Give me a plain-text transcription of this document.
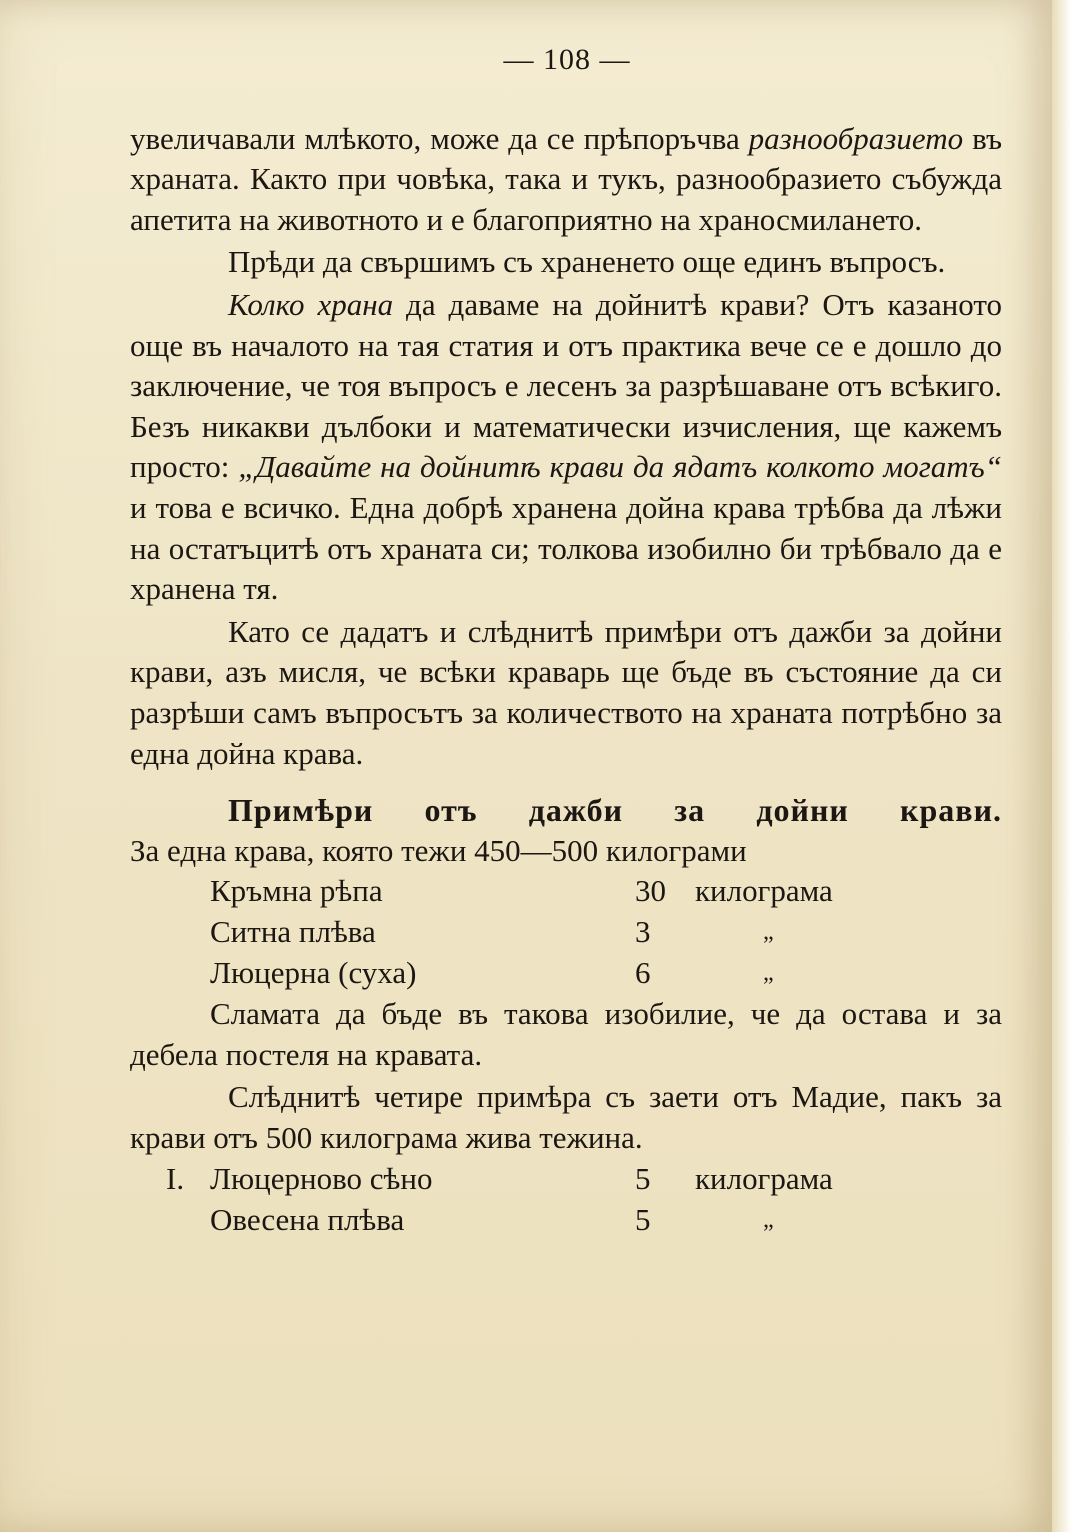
— 108 —

увеличавали млѣкото, може да се прѣпоръчва разнообразието въ храната. Както при човѣка, така и тукъ, разнообразието събужда апетита на животното и е благоприятно на храносмилането.

Прѣди да свършимъ съ храненето още единъ въпросъ.

Колко храна да даваме на дойнитѣ крави? Отъ казаното още въ началото на тая статия и отъ практика вече се е дошло до заключение, че тоя въпросъ е лесенъ за разрѣшаване отъ всѣкиго. Безъ никакви дълбоки и математически изчисления, ще кажемъ просто: „Давайте на дойнитѣ крави да ядатъ колкото могатъ“ и това е всичко. Една добрѣ хранена дойна крава трѣбва да лѣжи на остатъцитѣ отъ храната си; толкова изобилно би трѣбвало да е хранена тя.

Като се дадатъ и слѣднитѣ примѣри отъ дажби за дойни крави, азъ мисля, че всѣки краварь ще бъде въ състояние да си разрѣши самъ въпросътъ за количеството на храната потрѣбно за една дойна крава.

Примѣри отъ дажби за дойни крави.

За една крава, която тежи 450—500 килограми

Кръмна рѣпа	30 килограма
Ситна плѣва	3	„
Люцерна (суха)	6	„

Сламата да бъде въ такова изобилие, че да остава и за дебела постеля на кравата.

Слѣднитѣ четире примѣра съ заети отъ Мадие, пакъ за крави отъ 500 килограма жива тежина.

I. Люцерново сѣно	5 килограма
Овесена плѣва	5	„
